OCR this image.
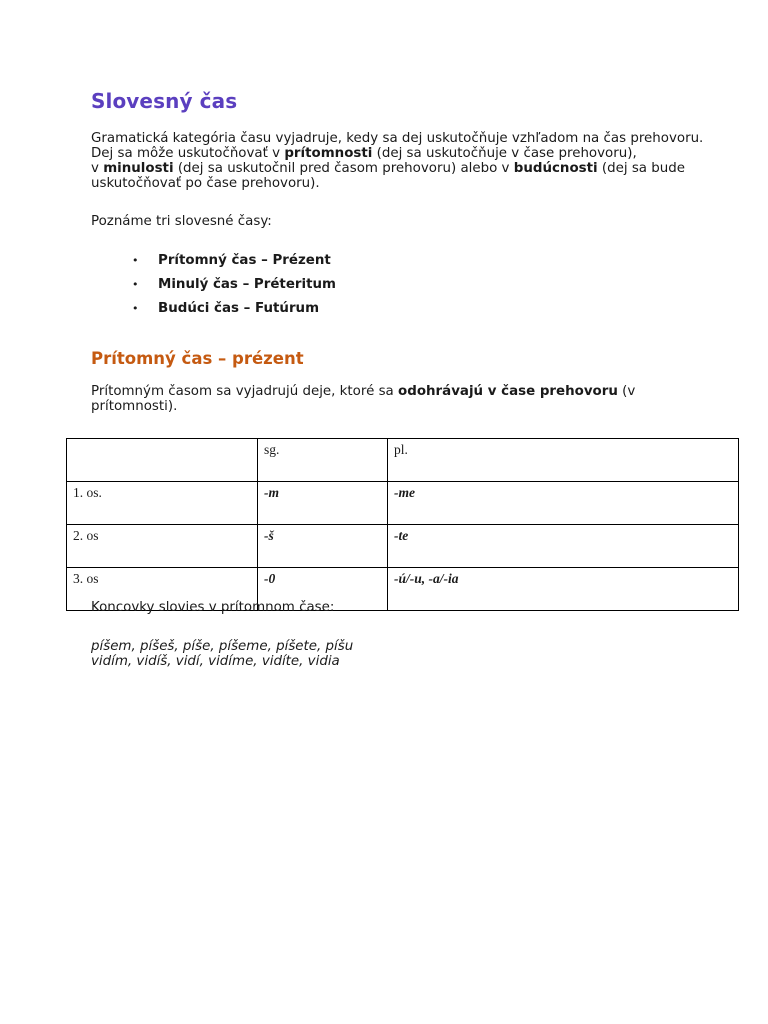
Slovesný čas

Gramatická kategória času vyjadruje, kedy sa dej uskutočňuje vzhľadom na čas prehovoru.
Dej sa môže uskutočňovať v prítomnosti (dej sa uskutočňuje v čase prehovoru),
v minulosti (dej sa uskutočnil pred časom prehovoru) alebo v budúcnosti (dej sa bude
uskutočňovať po čase prehovoru).

Poznáme tri slovesné časy:

• Prítomný čas – Prézent
• Minulý čas – Préteritum
• Budúci čas – Futúrum
Prítomný čas – prézent

Prítomným časom sa vyjadrujú deje, ktoré sa odohrávajú v čase prehovoru (v
prítomnosti).

	sg.	pl.
1. os.	-m	-me
2. os	-š	-te
3. os	-0	-ú/-u, -a/-ia

Koncovky slovies v prítomnom čase:

píšem, píšeš, píše, píšeme, píšete, píšu
vidím, vidíš, vidí, vidíme, vidíte, vidia
